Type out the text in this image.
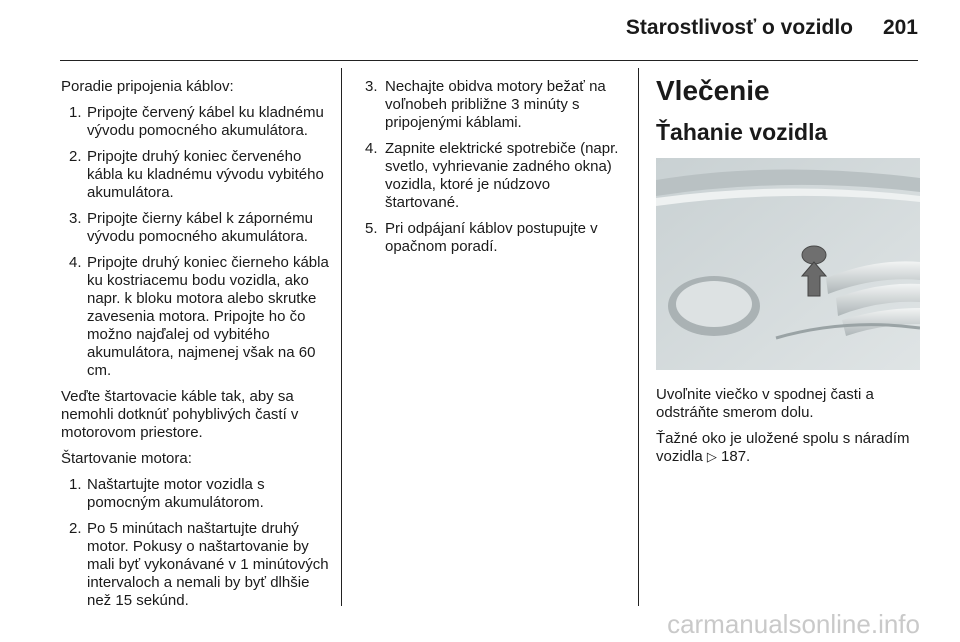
Starostlivosť o vozidlo 201

Poradie pripojenia káblov:

1. Pripojte červený kábel ku kladnému vývodu pomocného akumulátora.
2. Pripojte druhý koniec červeného kábla ku kladnému vývodu vybitého akumulátora.
3. Pripojte čierny kábel k zápornému vývodu pomocného akumulátora.
4. Pripojte druhý koniec čierneho kábla ku kostriacemu bodu vozidla, ako napr. k bloku motora alebo skrutke zavesenia motora. Pripojte ho čo možno najďalej od vybitého akumulátora, najmenej však na 60 cm.

Veďte štartovacie káble tak, aby sa nemohli dotknúť pohyblivých častí v motorovom priestore.

Štartovanie motora:

1. Naštartujte motor vozidla s pomocným akumulátorom.
2. Po 5 minútach naštartujte druhý motor. Pokusy o naštartovanie by mali byť vykonávané v 1 minútových intervaloch a nemali by byť dlhšie než 15 sekúnd.
3. Nechajte obidva motory bežať na voľnobeh približne 3 minúty s pripojenými káblami.
4. Zapnite elektrické spotrebiče (napr. svetlo, vyhrievanie zadného okna) vozidla, ktoré je núdzovo štartované.
5. Pri odpájaní káblov postupujte v opačnom poradí.
Vlečenie
Ťahanie vozidla

Uvoľnite viečko v spodnej časti a odstráňte smerom dolu.

Ťažné oko je uložené spolu s náradím vozidla ▷ 187.

carmanualsonline.info
